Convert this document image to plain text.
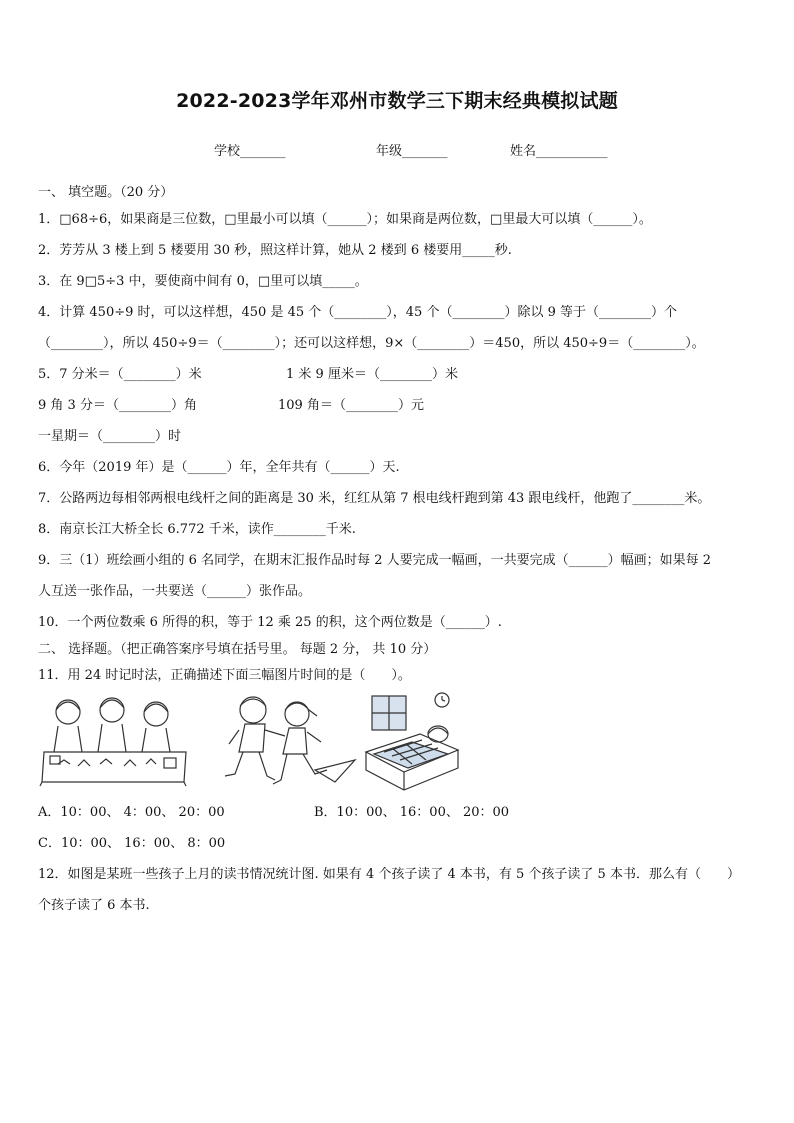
2022-2023学年邓州市数学三下期末经典模拟试题
学校_______	年级_______	姓名___________
一、 填空题。（20 分）
1．□68÷6，如果商是三位数，□里最小可以填（______）；如果商是两位数，□里最大可以填（______）。
2．芳芳从 3 楼上到 5 楼要用 30 秒，照这样计算，她从 2 楼到 6 楼要用_____秒.
3．在 9□5÷3 中，要使商中间有 0，□里可以填_____。
4．计算 450÷9 时，可以这样想，450 是 45 个（________），45 个（________）除以 9 等于（________）个
（________），所以 450÷9＝（________）；还可以这样想，9×（________）＝450，所以 450÷9＝（________）。
5．7 分米＝（________）米	1 米 9 厘米＝（________）米
9 角 3 分＝（________）角	109 角＝（________）元
一星期＝（________）时
6．今年（2019 年）是（______）年，全年共有（______）天.
7．公路两边每相邻两根电线杆之间的距离是 30 米，红红从第 7 根电线杆跑到第 43 跟电线杆，他跑了________米。
8．南京长江大桥全长 6.772 千米，读作________千米.
9．三（1）班绘画小组的 6 名同学，在期末汇报作品时每 2 人要完成一幅画，一共要完成（______）幅画；如果每 2
人互送一张作品，一共要送（______）张作品。
10．一个两位数乘 6 所得的积，等于 12 乘 25 的积，这个两位数是（______）.
二、 选择题。（把正确答案序号填在括号里。 每题 2 分， 共 10 分）
11．用 24 时记时法，正确描述下面三幅图片时间的是（　　）。
A．10：00、 4：00、 20：00	B．10：00、 16：00、 20：00
C．10：00、 16：00、 8：00
12．如图是某班一些孩子上月的读书情况统计图. 如果有 4 个孩子读了 4 本书，有 5 个孩子读了 5 本书．那么有（　　）
个孩子读了 6 本书.
